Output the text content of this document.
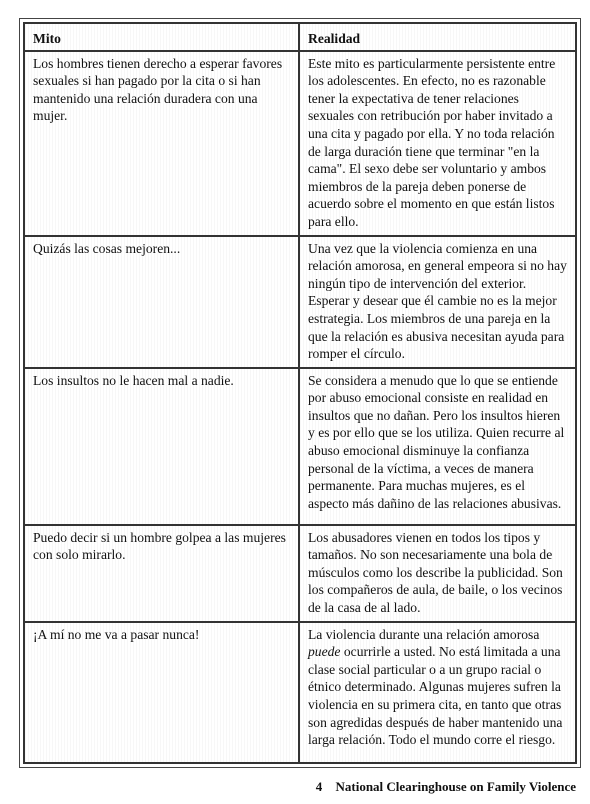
Mito	Realidad
Los hombres tienen derecho a esperar favores sexuales si han pagado por la cita o si han mantenido una relación duradera con una mujer.	Este mito es particularmente persistente entre los adolescentes. En efecto, no es razonable tener la expectativa de tener relaciones sexuales con retribución por haber invitado a una cita y pagado por ella. Y no toda relación de larga duración tiene que terminar "en la cama". El sexo debe ser voluntario y ambos miembros de la pareja deben ponerse de acuerdo sobre el momento en que están listos para ello.
Quizás las cosas mejoren...	Una vez que la violencia comienza en una relación amorosa, en general empeora si no hay ningún tipo de intervención del exterior. Esperar y desear que él cambie no es la mejor estrategia. Los miembros de una pareja en la que la relación es abusiva necesitan ayuda para romper el círculo.
Los insultos no le hacen mal a nadie.	Se considera a menudo que lo que se entiende por abuso emocional consiste en realidad en insultos que no dañan. Pero los insultos hieren y es por ello que se los utiliza. Quien recurre al abuso emocional disminuye la confianza personal de la víctima, a veces de manera permanente. Para muchas mujeres, es el aspecto más dañino de las relaciones abusivas.
Puedo decir si un hombre golpea a las mujeres con solo mirarlo.	Los abusadores vienen en todos los tipos y tamaños. No son necesariamente una bola de músculos como los describe la publicidad. Son los compañeros de aula, de baile, o los vecinos de la casa de al lado.
¡A mí no me va a pasar nunca!	La violencia durante una relación amorosa puede ocurrirle a usted. No está limitada a una clase social particular o a un grupo racial o étnico determinado. Algunas mujeres sufren la violencia en su primera cita, en tanto que otras son agredidas después de haber mantenido una larga relación. Todo el mundo corre el riesgo.
4 National Clearinghouse on Family Violence
